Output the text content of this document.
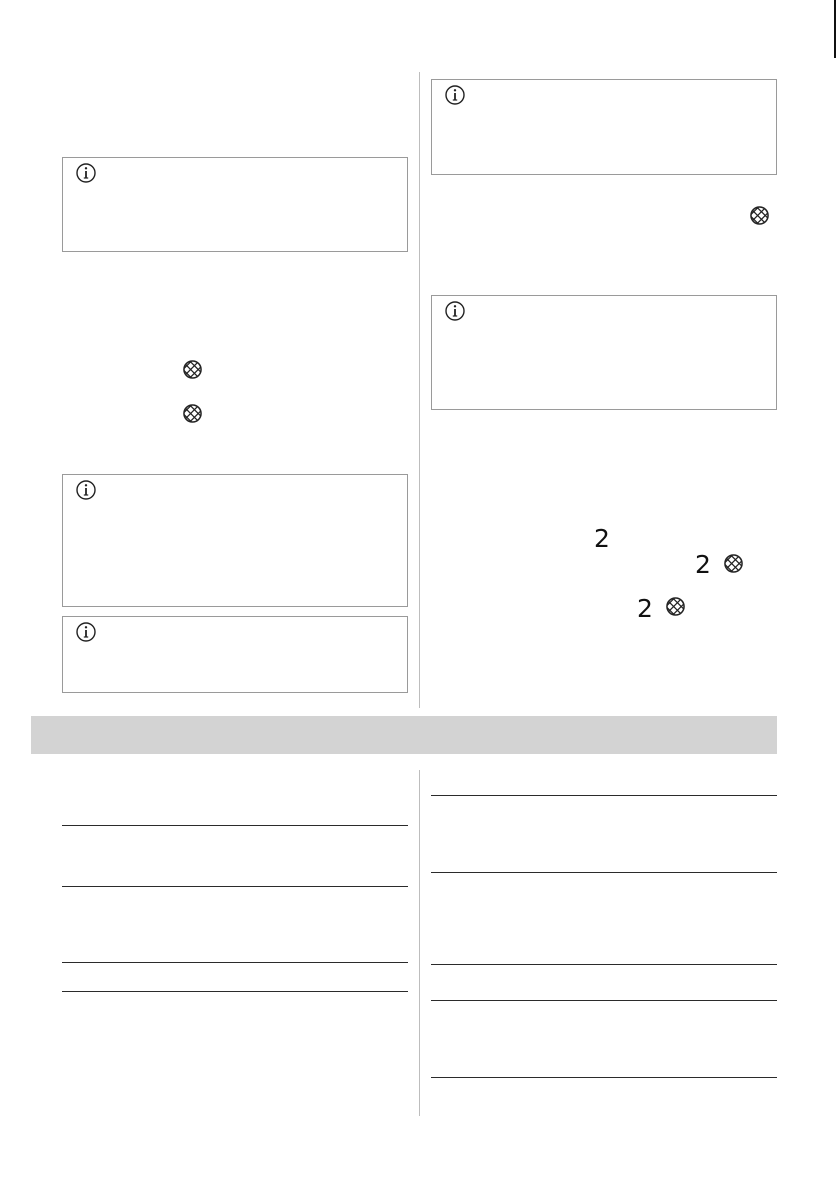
2
2
2
